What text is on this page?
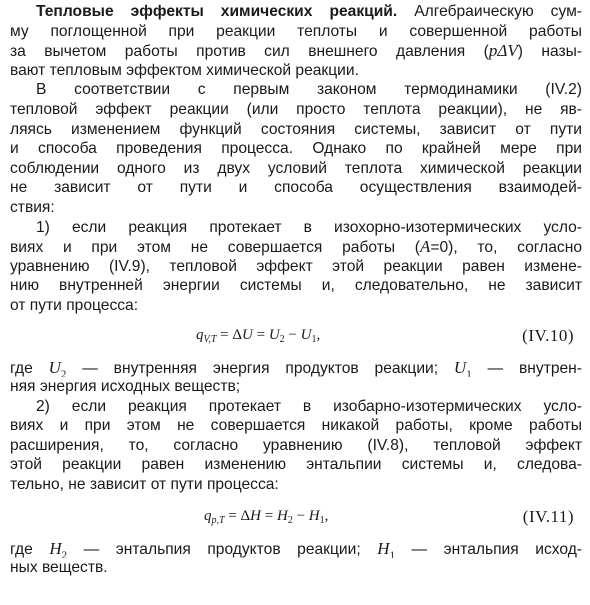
Тепловые эффекты химических реакций. Алгебраическую сум-
му поглощенной при реакции теплоты и совершенной работы
за вычетом работы против сил внешнего давления (pΔV) назы-
вают тепловым эффектом химической реакции.
В соответствии с первым законом термодинамики (IV.2)
тепловой эффект реакции (или просто теплота реакции), не яв-
ляясь изменением функций состояния системы, зависит от пути
и способа проведения процесса. Однако по крайней мере при
соблюдении одного из двух условий теплота химической реакции
не зависит от пути и способа осуществления взаимодей-
ствия:
1) если реакция протекает в изохорно-изотермических усло-
виях и при этом не совершается работы (A=0), то, согласно
уравнению (IV.9), тепловой эффект этой реакции равен измене-
нию внутренней энергии системы и, следовательно, не зависит
от пути процесса:
$q_{V,T} = \Delta U = U_2 - U_1$,	(IV.10)
где $U_2$ — внутренняя энергия продуктов реакции; $U_1$ — внутрен-
няя энергия исходных веществ;
2) если реакция протекает в изобарно-изотермических усло-
виях и при этом не совершается никакой работы, кроме работы
расширения, то, согласно уравнению (IV.8), тепловой эффект
этой реакции равен изменению энтальпии системы и, следова-
тельно, не зависит от пути процесса:
$q_{p,T} = \Delta H = H_2 - H_1$,	(IV.11)
где $H_2$ — энтальпия продуктов реакции; $H_1$ — энтальпия исход-
ных веществ.
